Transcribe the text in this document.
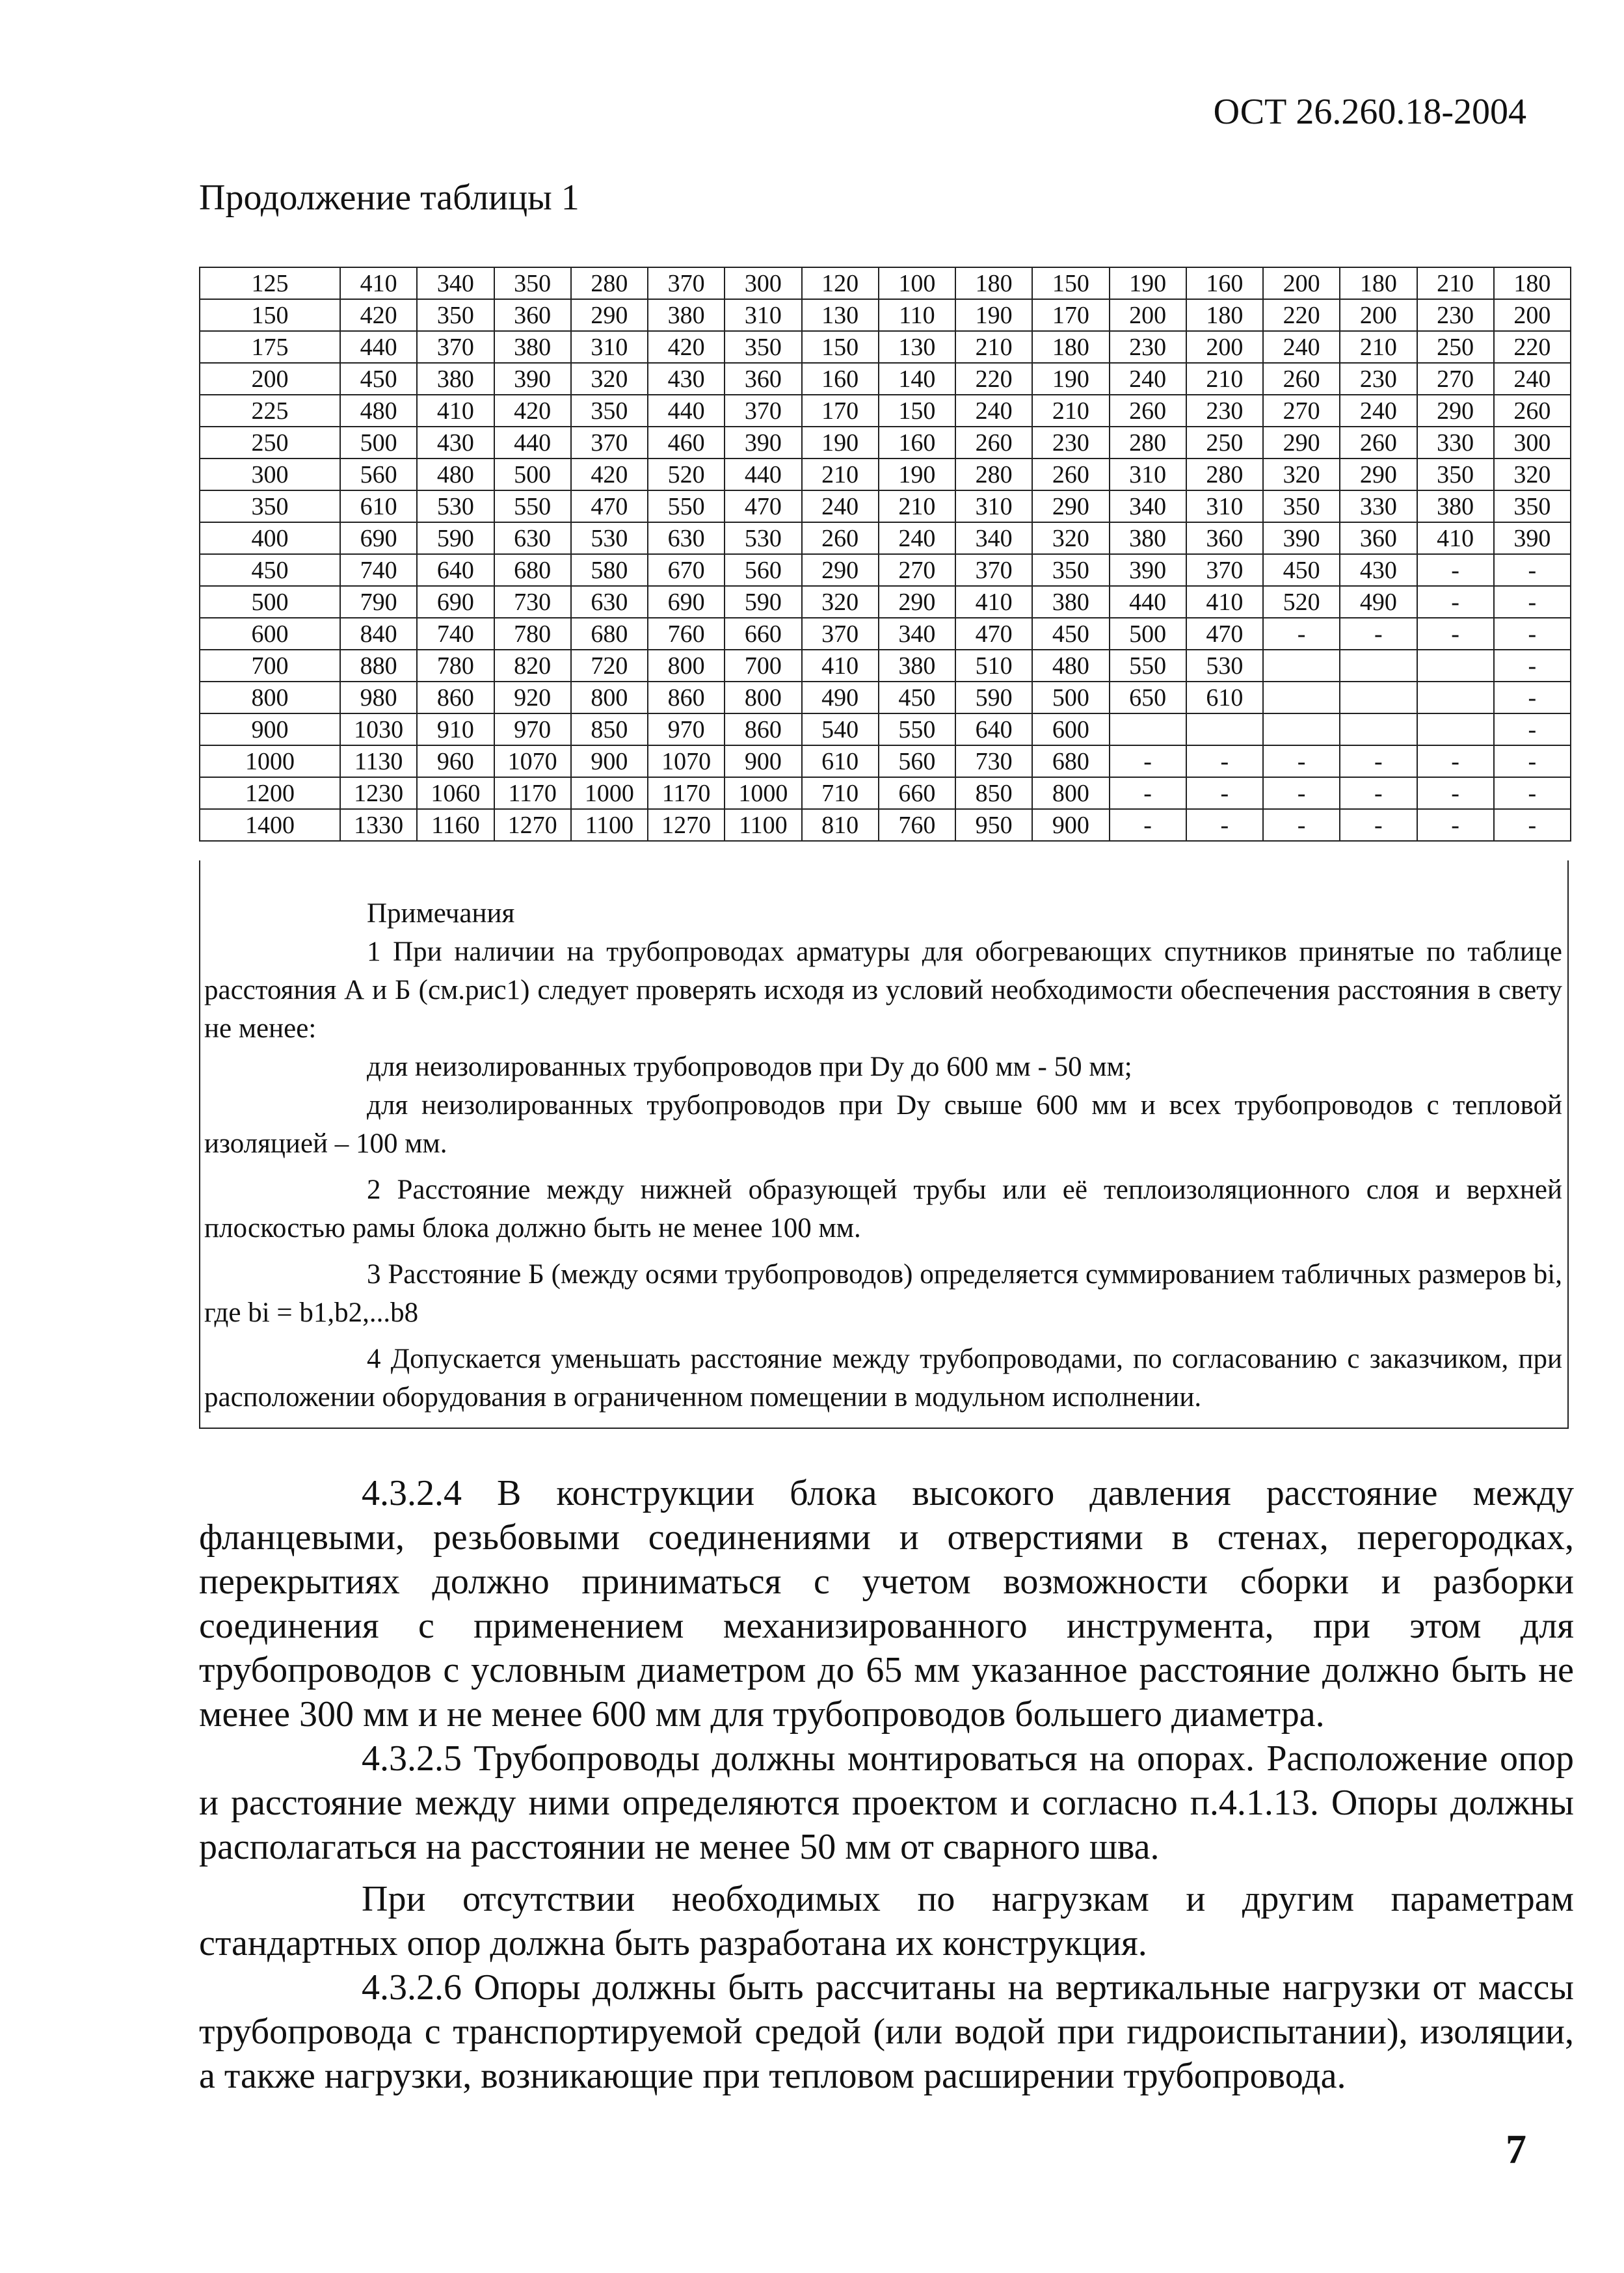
ОСТ 26.260.18-2004
Продолжение таблицы 1
125	410	340	350	280	370	300	120	100	180	150	190	160	200	180	210	180
150	420	350	360	290	380	310	130	110	190	170	200	180	220	200	230	200
175	440	370	380	310	420	350	150	130	210	180	230	200	240	210	250	220
200	450	380	390	320	430	360	160	140	220	190	240	210	260	230	270	240
225	480	410	420	350	440	370	170	150	240	210	260	230	270	240	290	260
250	500	430	440	370	460	390	190	160	260	230	280	250	290	260	330	300
300	560	480	500	420	520	440	210	190	280	260	310	280	320	290	350	320
350	610	530	550	470	550	470	240	210	310	290	340	310	350	330	380	350
400	690	590	630	530	630	530	260	240	340	320	380	360	390	360	410	390
450	740	640	680	580	670	560	290	270	370	350	390	370	450	430	-	-
500	790	690	730	630	690	590	320	290	410	380	440	410	520	490	-	-
600	840	740	780	680	760	660	370	340	470	450	500	470	-	-	-	-
700	880	780	820	720	800	700	410	380	510	480	550	530				-
800	980	860	920	800	860	800	490	450	590	500	650	610				-
900	1030	910	970	850	970	860	540	550	640	600						-
1000	1130	960	1070	900	1070	900	610	560	730	680	-	-	-	-	-	-
1200	1230	1060	1170	1000	1170	1000	710	660	850	800	-	-	-	-	-	-
1400	1330	1160	1270	1100	1270	1100	810	760	950	900	-	-	-	-	-	-
Примечания

1 При наличии на трубопроводах арматуры для обогревающих спутников принятые по таблице расстояния А и Б (см.рис1) следует проверять исходя из условий необходимости обеспечения расстояния в свету не менее:

для неизолированных трубопроводов при Dy до 600 мм - 50 мм;

для неизолированных трубопроводов при Dy свыше 600 мм и всех трубопроводов с тепловой изоляцией – 100 мм.

2 Расстояние между нижней образующей трубы или её теплоизоляционного слоя и верхней плоскостью рамы блока должно быть не менее 100 мм.

3 Расстояние Б (между осями трубопроводов) определяется суммированием табличных размеров bi, где bi = b1,b2,...b8

4 Допускается уменьшать расстояние между трубопроводами, по согласованию с заказчиком, при расположении оборудования в ограниченном помещении в модульном исполнении.

4.3.2.4 В конструкции блока высокого давления расстояние между фланцевыми, резьбовыми соединениями и отверстиями в стенах, перегородках, перекрытиях должно приниматься с учетом возможности сборки и разборки соединения с применением механизированного инструмента, при этом для трубопроводов с условным диаметром до 65 мм указанное расстояние должно быть не менее 300 мм и не менее 600 мм для трубопроводов большего диаметра.

4.3.2.5 Трубопроводы должны монтироваться на опорах. Расположение опор и расстояние между ними определяются проектом и согласно п.4.1.13. Опоры должны располагаться на расстоянии не менее 50 мм от сварного шва.

При отсутствии необходимых по нагрузкам и другим параметрам стандартных опор должна быть разработана их конструкция.

4.3.2.6 Опоры должны быть рассчитаны на вертикальные нагрузки от массы трубопровода с транспортируемой средой (или водой при гидроиспытании), изоляции, а также нагрузки, возникающие при тепловом расширении трубопровода.

7
